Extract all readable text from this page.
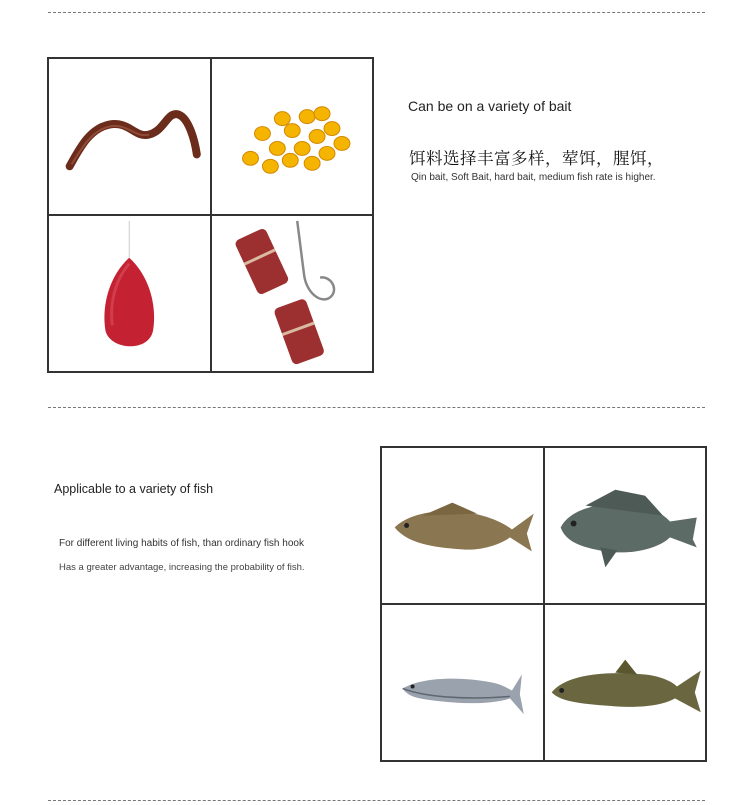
Can be on a variety of bait
饵料选择丰富多样，荤饵，腥饵，
Qin bait, Soft Bait, hard bait, medium fish rate is higher.
Applicable to a variety of fish
For different living habits of fish, than ordinary fish hook
Has a greater advantage, increasing the probability of fish.
